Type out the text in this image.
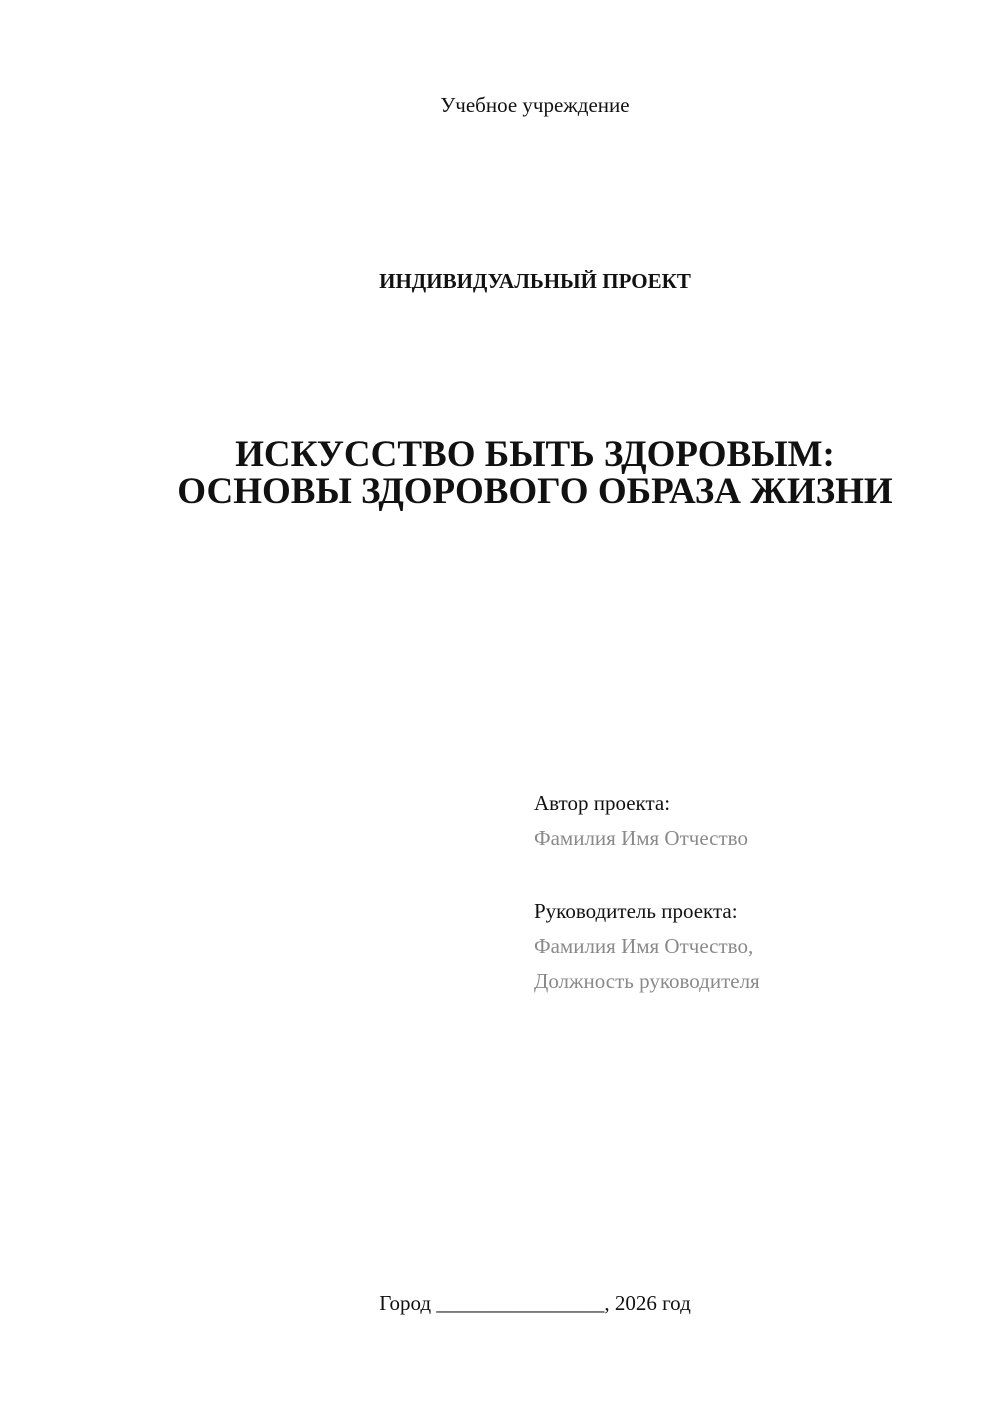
Учебное учреждение
ИНДИВИДУАЛЬНЫЙ ПРОЕКТ
ИСКУССТВО БЫТЬ ЗДОРОВЫМ:
ОСНОВЫ ЗДОРОВОГО ОБРАЗА ЖИЗНИ
Автор проекта:
Фамилия Имя Отчество
Руководитель проекта:
Фамилия Имя Отчество,
Должность руководителя
Город ________________, 2026 год
